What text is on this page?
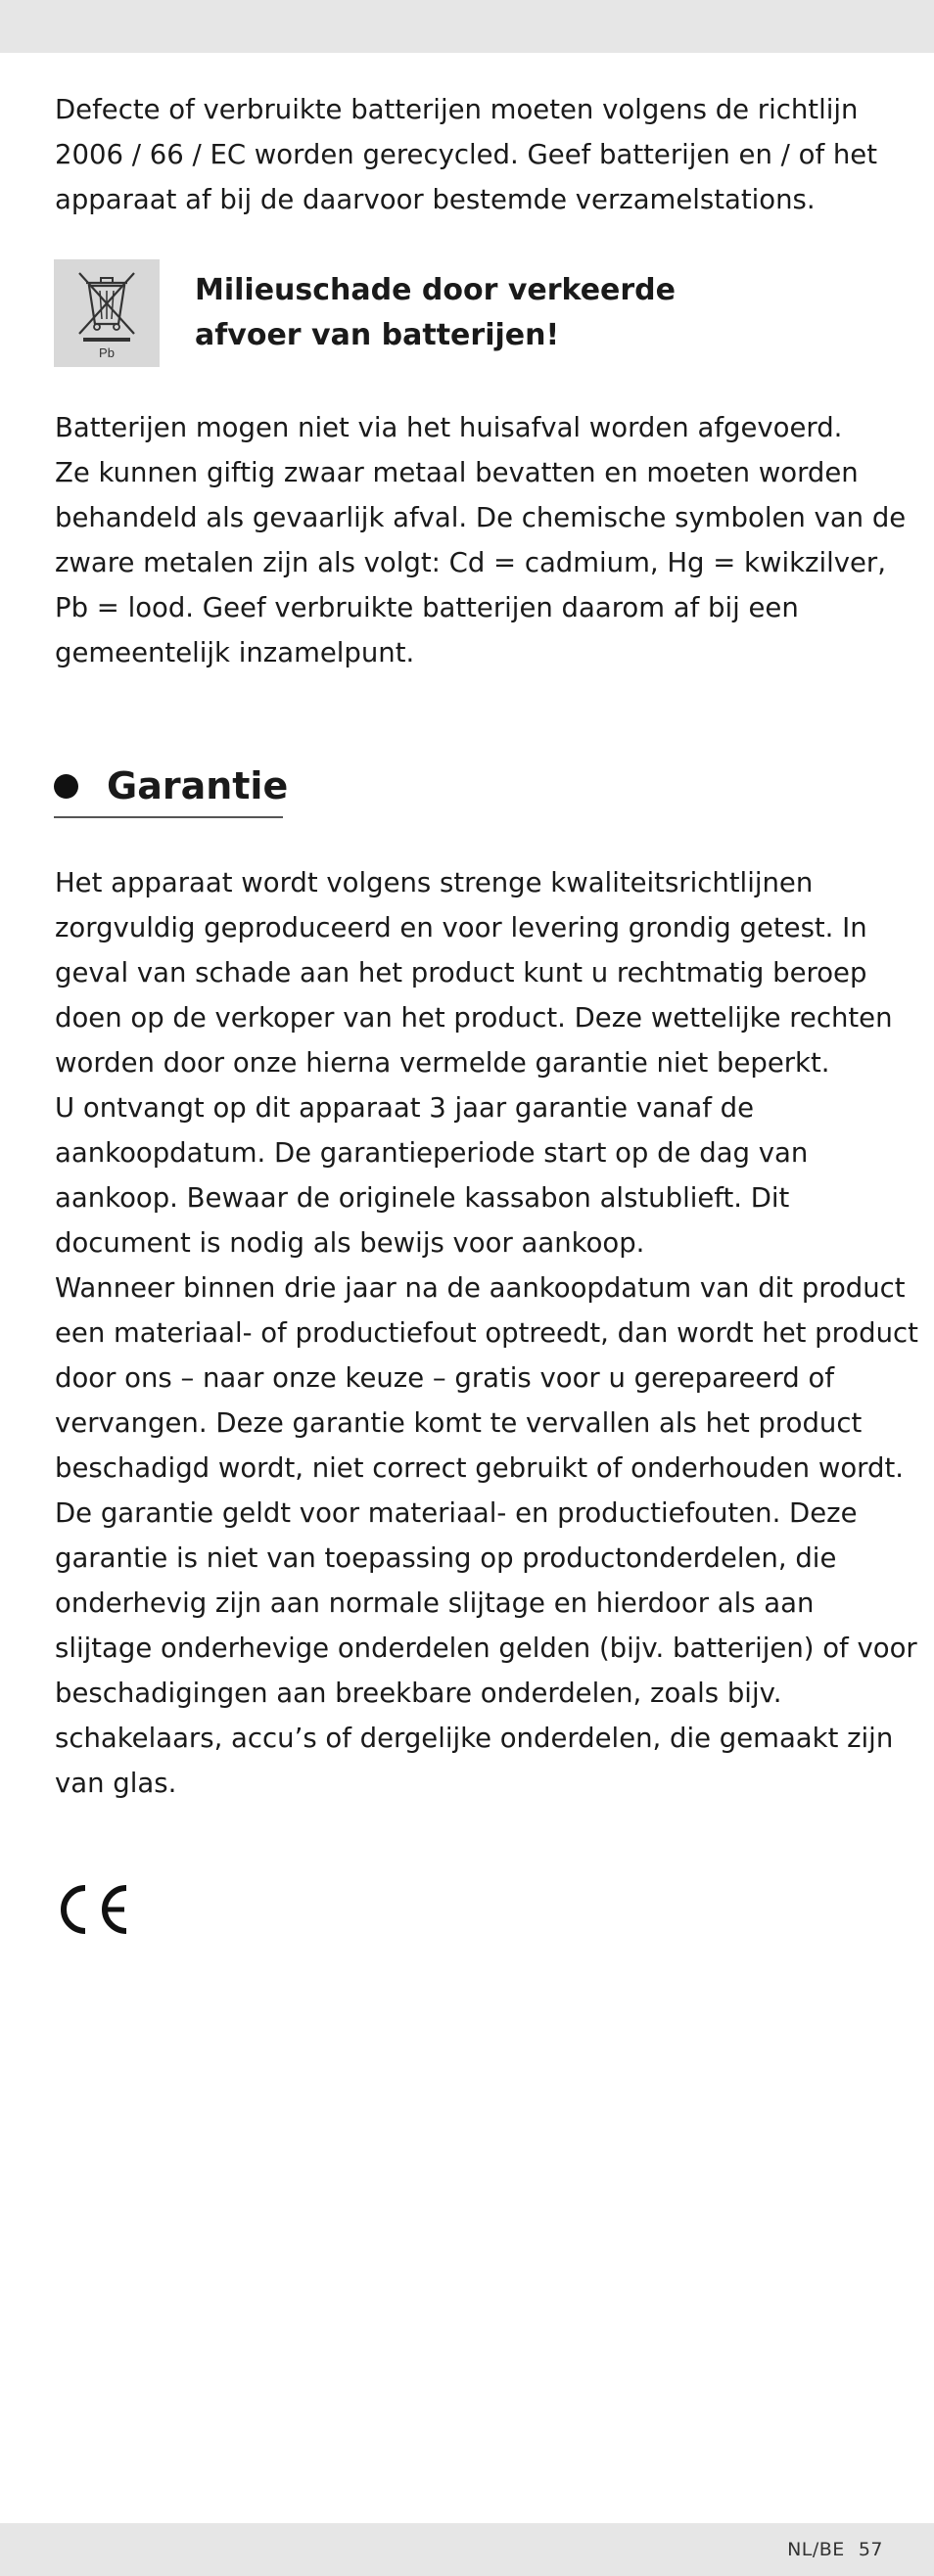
Defecte of verbruikte batterijen moeten volgens de richtlijn
2006 / 66 / EC worden gerecycled. Geef batterijen en / of het
apparaat af bij de daarvoor bestemde verzamelstations.
Pb
Milieuschade door verkeerde
afvoer van batterijen!
Batterijen mogen niet via het huisafval worden afgevoerd.
Ze kunnen giftig zwaar metaal bevatten en moeten worden
behandeld als gevaarlijk afval. De chemische symbolen van de
zware metalen zijn als volgt: Cd = cadmium, Hg = kwikzilver,
Pb = lood. Geef verbruikte batterijen daarom af bij een
gemeentelijk inzamelpunt.
Garantie
Het apparaat wordt volgens strenge kwaliteitsrichtlijnen
zorgvuldig geproduceerd en voor levering grondig getest. In
geval van schade aan het product kunt u rechtmatig beroep
doen op de verkoper van het product. Deze wettelijke rechten
worden door onze hierna vermelde garantie niet beperkt.
U ontvangt op dit apparaat 3 jaar garantie vanaf de
aankoopdatum. De garantieperiode start op de dag van
aankoop. Bewaar de originele kassabon alstublieft. Dit
document is nodig als bewijs voor aankoop.
Wanneer binnen drie jaar na de aankoopdatum van dit product
een materiaal- of productiefout optreedt, dan wordt het product
door ons – naar onze keuze – gratis voor u gerepareerd of
vervangen. Deze garantie komt te vervallen als het product
beschadigd wordt, niet correct gebruikt of onderhouden wordt.
De garantie geldt voor materiaal- en productiefouten. Deze
garantie is niet van toepassing op productonderdelen, die
onderhevig zijn aan normale slijtage en hierdoor als aan
slijtage onderhevige onderdelen gelden (bijv. batterijen) of voor
beschadigingen aan breekbare onderdelen, zoals bijv.
schakelaars, accu’s of dergelijke onderdelen, die gemaakt zijn
van glas.
NL/BE 57
